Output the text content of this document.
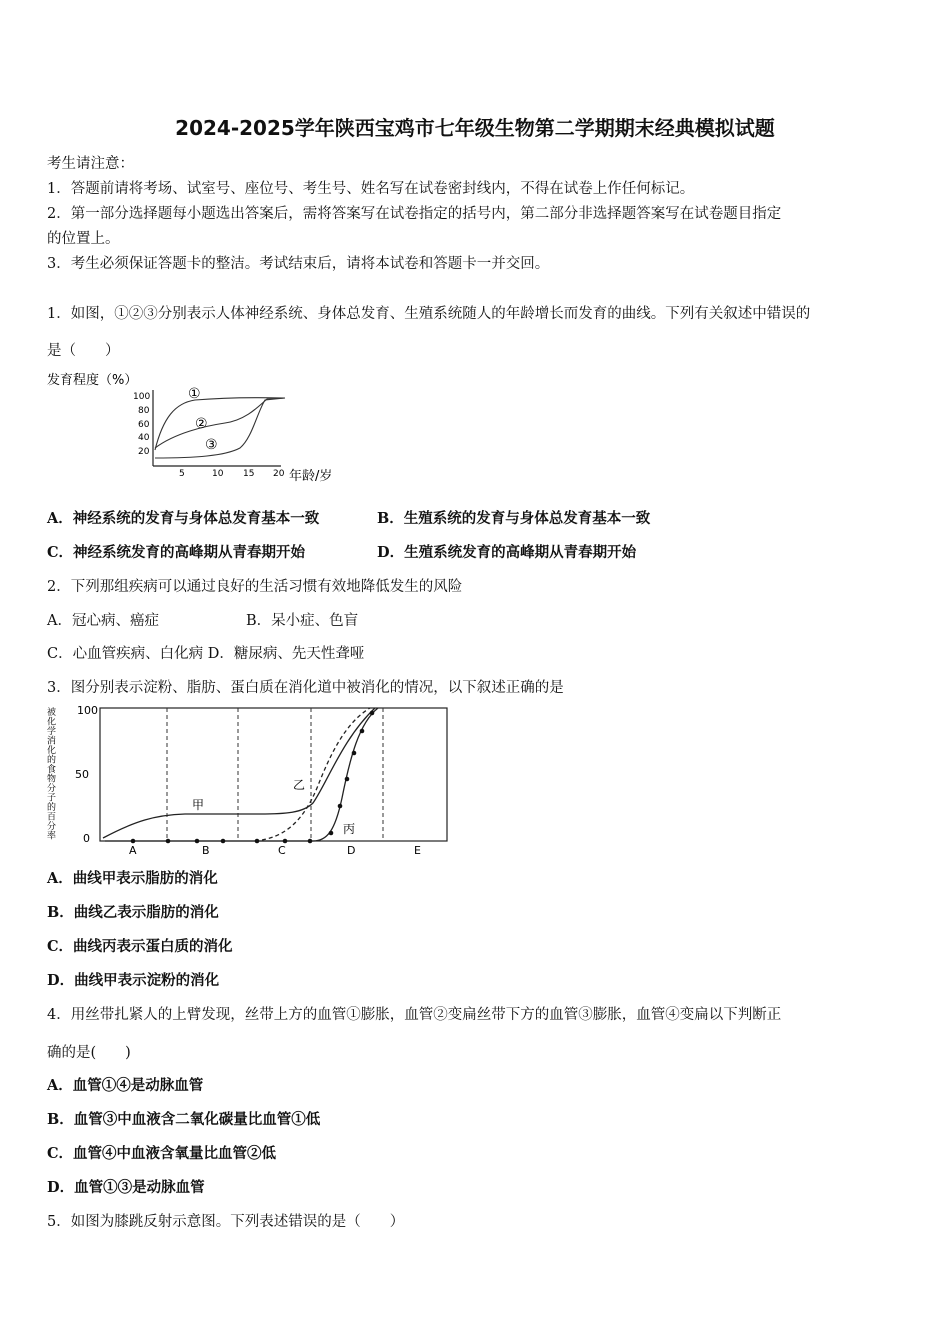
2024-2025学年陕西宝鸡市七年级生物第二学期期末经典模拟试题
考生请注意：
1．答题前请将考场、试室号、座位号、考生号、姓名写在试卷密封线内，不得在试卷上作任何标记。
2．第一部分选择题每小题选出答案后，需将答案写在试卷指定的括号内，第二部分非选择题答案写在试卷题目指定
的位置上。
3．考生必须保证答题卡的整洁。考试结束后，请将本试卷和答题卡一并交回。
1．如图，①②③分别表示人体神经系统、身体总发育、生殖系统随人的年龄增长而发育的曲线。下列有关叙述中错误的
是（　　）
发育程度（%）
100
80
60
40
20
5	10 15 20 年龄/岁
①
②
③
A．神经系统的发育与身体总发育基本一致	B．生殖系统的发育与身体总发育基本一致
C．神经系统发育的高峰期从青春期开始	D．生殖系统发育的高峰期从青春期开始
2．下列那组疾病可以通过良好的生活习惯有效地降低发生的风险
A．冠心病、癌症	B．呆小症、色盲
C．心血管疾病、白化病 D．糖尿病、先天性聋哑
3．图分别表示淀粉、脂肪、蛋白质在消化道中被消化的情况，以下叙述正确的是
被
化
学
消
化
的
食
物
分
子
的
百
分
率
100
50
0
A	B	C	D	E
甲
乙
丙
A．曲线甲表示脂肪的消化
B．曲线乙表示脂肪的消化
C．曲线丙表示蛋白质的消化
D．曲线甲表示淀粉的消化
4．用丝带扎紧人的上臂发现，丝带上方的血管①膨胀，血管②变扁丝带下方的血管③膨胀，血管④变扁以下判断正
确的是(　　)
A．血管①④是动脉血管
B．血管③中血液含二氧化碳量比血管①低
C．血管④中血液含氧量比血管②低
D．血管①③是动脉血管
5．如图为膝跳反射示意图。下列表述错误的是（　　）
